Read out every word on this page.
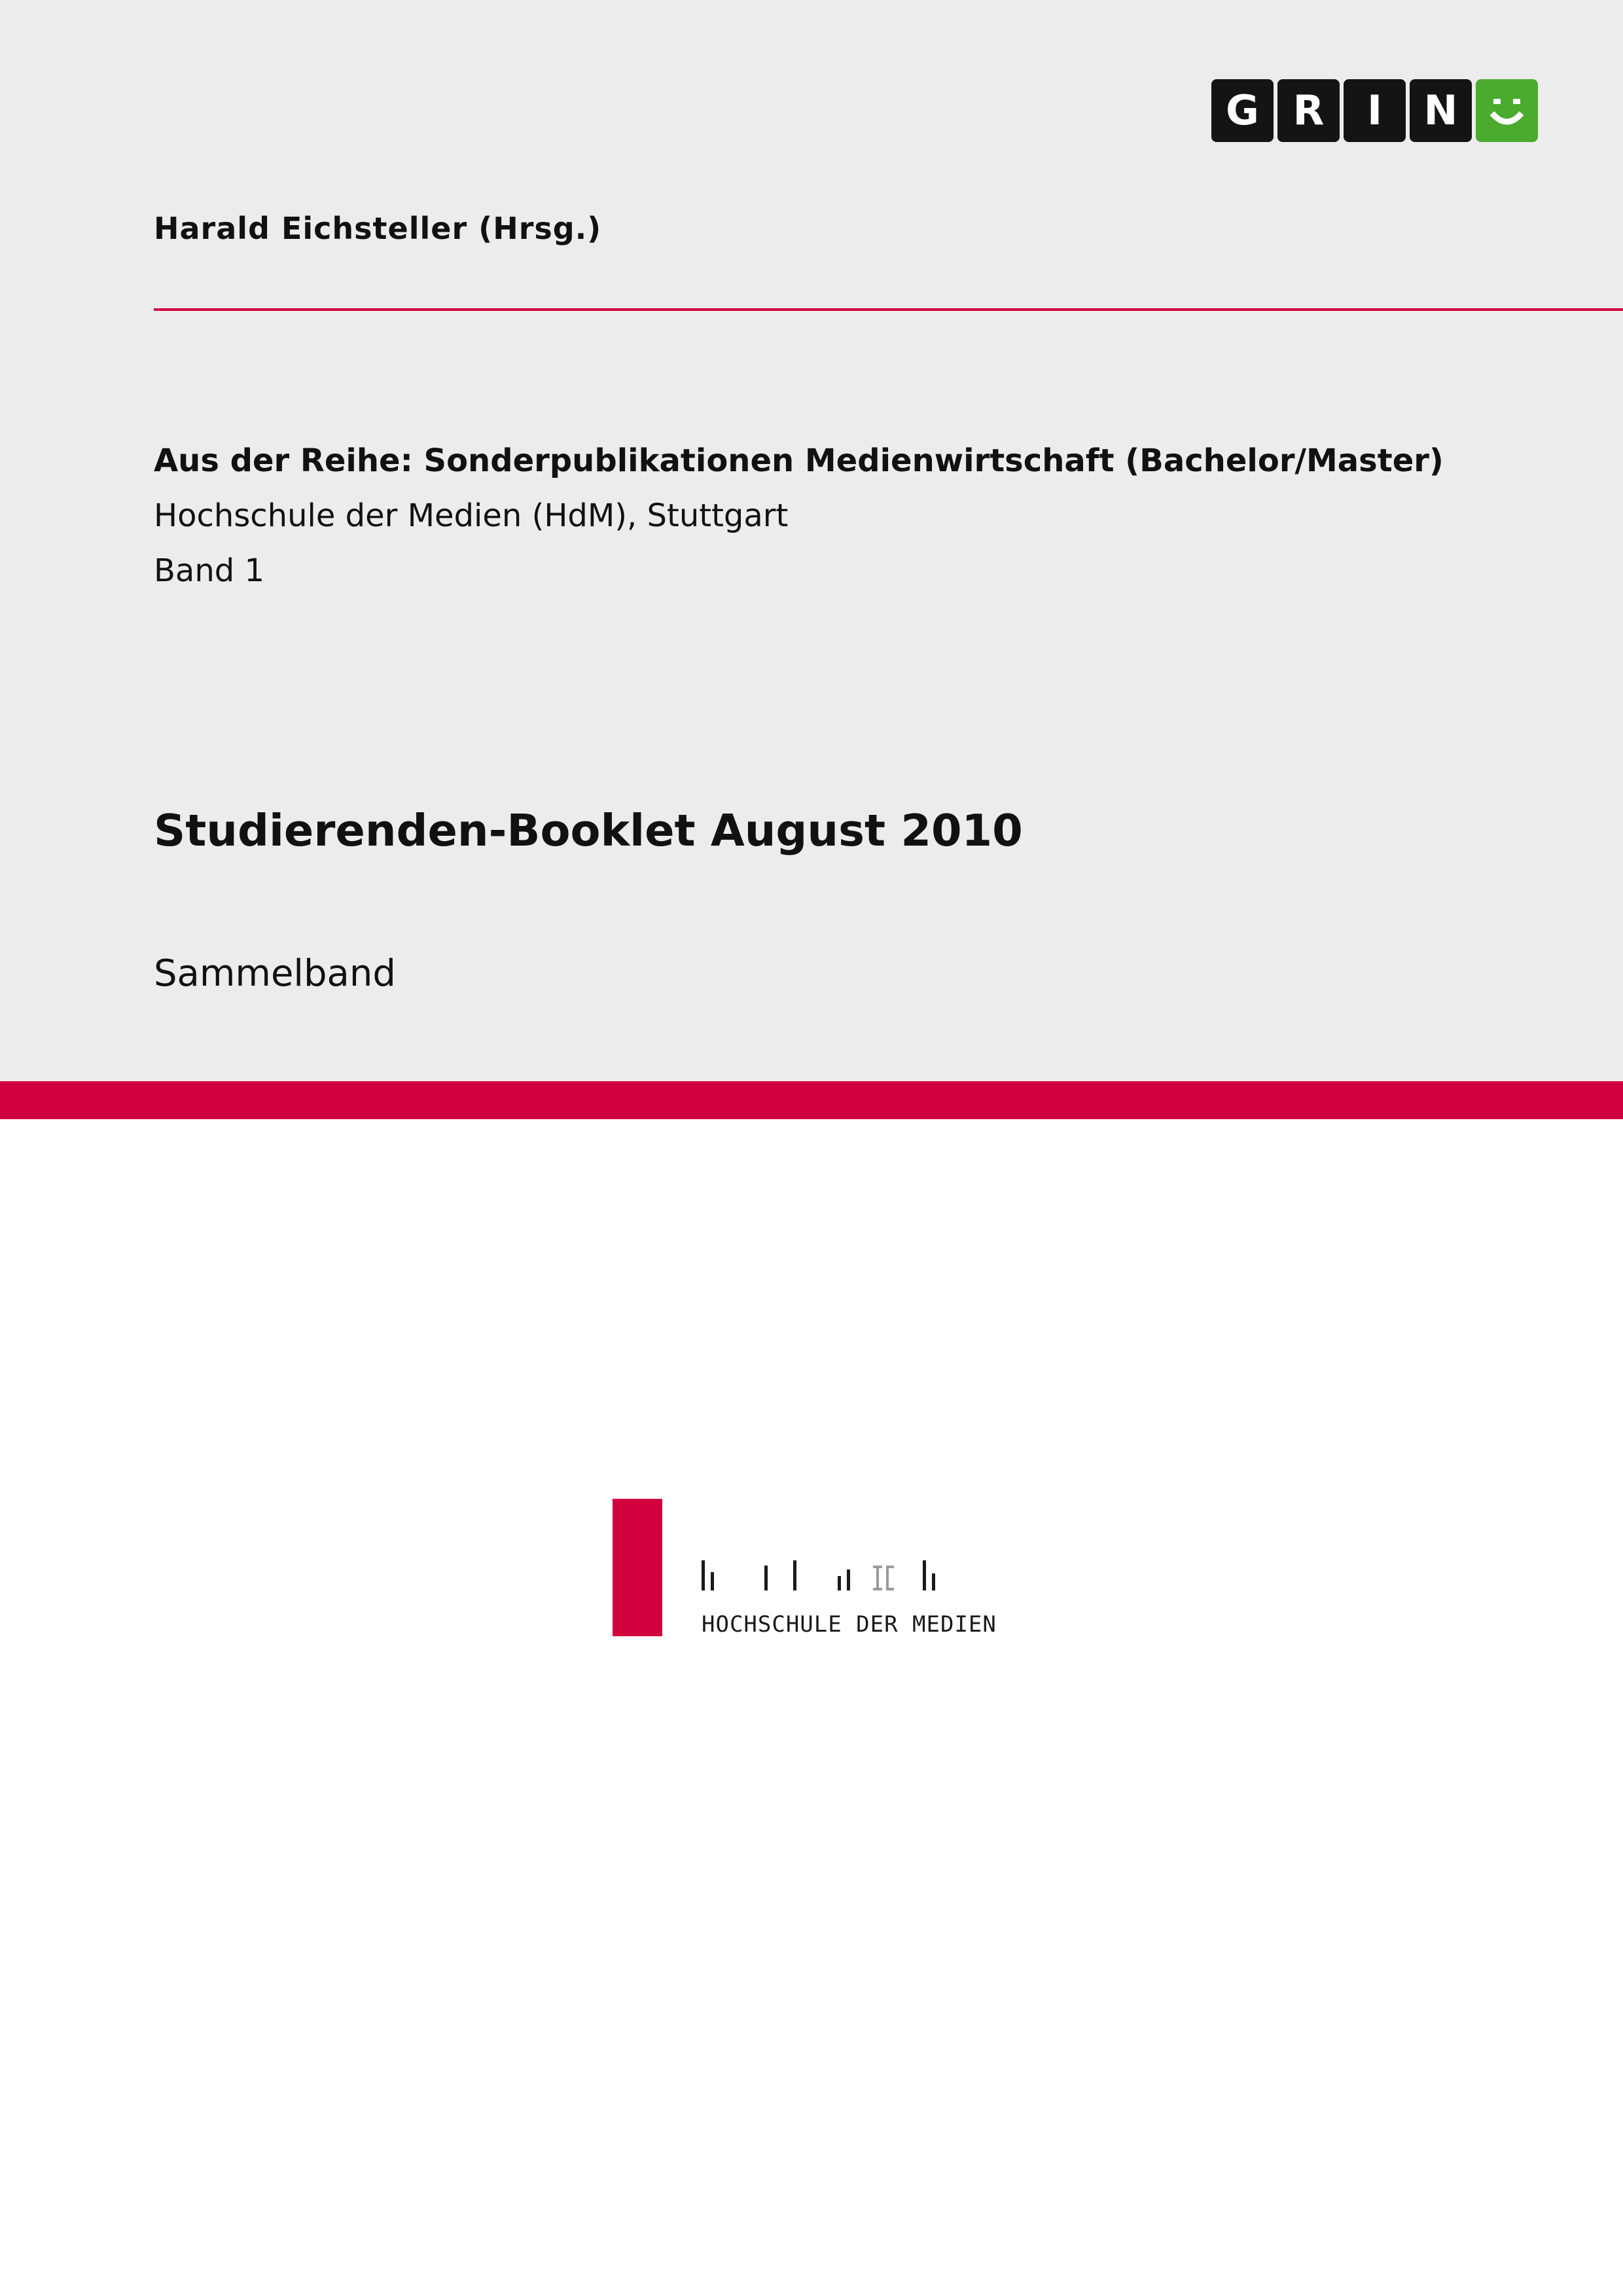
G R	I	N
Harald Eichsteller (Hrsg.)
Aus der Reihe: Sonderpublikationen Medienwirtschaft (Bachelor/Master)
Hochschule der Medien (HdM), Stuttgart
Band 1
Studierenden-Booklet August 2010
Sammelband
HOCHSCHULE DER MEDIEN
